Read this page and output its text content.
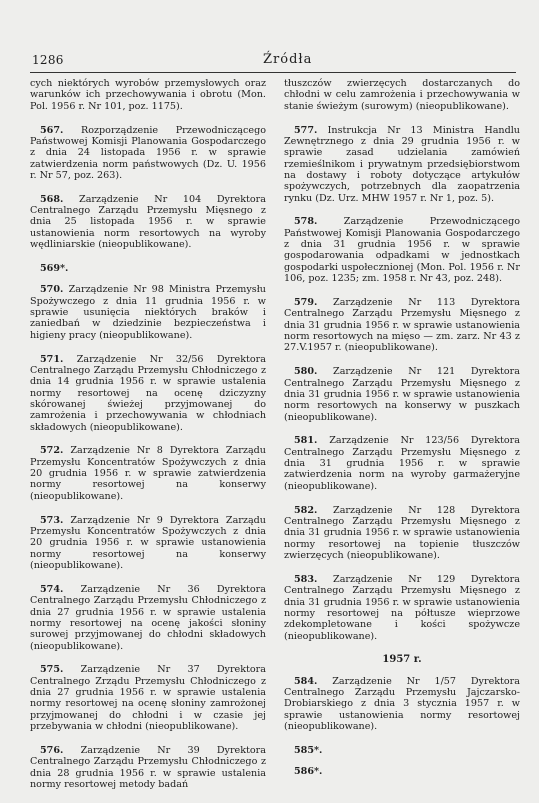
1286	Źródła

cych niektórych wyrobów przemysłowych oraz warunków ich przechowywania i obrotu (Mon. Pol. 1956 r. Nr 101, poz. 1175).

567. Rozporządzenie Przewodniczącego Państwowej Komisji Planowania Gospodarczego z dnia 24 listopada 1956 r. w sprawie zatwierdzenia norm państwowych (Dz. U. 1956 r. Nr 57, poz. 263).

568. Zarządzenie Nr 104 Dyrektora Centralnego Zarządu Przemysłu Mięsnego z dnia 25 listopada 1956 r. w sprawie ustanowienia norm resortowych na wyroby wędliniarskie (nieopublikowane).

569*.

570. Zarządzenie Nr 98 Ministra Przemysłu Spożywczego z dnia 11 grudnia 1956 r. w sprawie usunięcia niektórych braków i zaniedbań w dziedzinie bezpieczeństwa i higieny pracy (nieopublikowane).

571. Zarządzenie Nr 32/56 Dyrektora Centralnego Zarządu Przemysłu Chłodniczego z dnia 14 grudnia 1956 r. w sprawie ustalenia normy resortowej na ocenę dziczyzny skórowanej świeżej przyjmowanej do zamrożenia i przechowywania w chłodniach składowych (nieopublikowane).

572. Zarządzenie Nr 8 Dyrektora Zarządu Przemysłu Koncentratów Spożywczych z dnia 20 grudnia 1956 r. w sprawie zatwierdzenia normy resortowej na konserwy (nieopublikowane).

573. Zarządzenie Nr 9 Dyrektora Zarządu Przemysłu Koncentratów Spożywczych z dnia 20 grudnia 1956 r. w sprawie ustanowienia normy resortowej na konserwy (nieopublikowane).

574. Zarządzenie Nr 36 Dyrektora Centralnego Zarządu Przemysłu Chłodniczego z dnia 27 grudnia 1956 r. w sprawie ustalenia normy resortowej na ocenę jakości słoniny surowej przyjmowanej do chłodni składowych (nieopublikowane).

575. Zarządzenie Nr 37 Dyrektora Centralnego Zrządu Przemysłu Chłodniczego z dnia 27 grudnia 1956 r. w sprawie ustalenia normy resortowej na ocenę słoniny zamrożonej przyjmowanej do chłodni i w czasie jej przebywania w chłodni (nieopublikowane).

576. Zarządzenie Nr 39 Dyrektora Centralnego Zarządu Przemysłu Chłodniczego z dnia 28 grudnia 1956 r. w sprawie ustalenia normy resortowej metody badań

tłuszczów zwierzęcych dostarczanych do chłodni w celu zamrożenia i przechowywania w stanie świeżym (surowym) (nieopublikowane).

577. Instrukcja Nr 13 Ministra Handlu Zewnętrznego z dnia 29 grudnia 1956 r. w sprawie zasad udzielania zamówień rzemieślnikom i prywatnym przedsiębiorstwom na dostawy i roboty dotyczące artykułów spożywczych, potrzebnych dla zaopatrzenia rynku (Dz. Urz. MHW 1957 r. Nr 1, poz. 5).

578.	Zarządzenie Przewodniczącego Państwowej Komisji Planowania Gospodarczego z dnia 31 grudnia 1956 r. w sprawie gospodarowania odpadkami w jednostkach gospodarki uspołecznionej (Mon. Pol. 1956 r. Nr 106, poz. 1235; zm. 1958 r. Nr 43, poz. 248).

579. Zarządzenie Nr 113 Dyrektora Centralnego Zarządu Przemysłu Mięsnego z dnia 31 grudnia 1956 r. w sprawie ustanowienia norm resortowych na mięso — zm. zarz. Nr 43 z 27.V.1957 r. (nieopublikowane).

580. Zarządzenie Nr 121 Dyrektora Centralnego Zarządu Przemysłu Mięsnego z dnia 31 grudnia 1956 r. w sprawie ustanowienia norm resortowych na konserwy w puszkach (nieopublikowane).

581. Zarządzenie Nr 123/56 Dyrektora Centralnego Zarządu Przemysłu Mięsnego z dnia 31 grudnia 1956 r. w sprawie zatwierdzenia norm na wyroby garmażeryjne (nieopublikowane).

582. Zarządzenie Nr 128 Dyrektora Centralnego Zarządu Przemysłu Mięsnego z dnia 31 grudnia 1956 r. w sprawie ustanowienia normy resortowej na topienie tłuszczów zwierzęcych (nieopublikowane).

583. Zarządzenie Nr 129 Dyrektora Centralnego Zarządu Przemysłu Mięsnego z dnia 31 grudnia 1956 r. w sprawie ustanowienia normy resortowej na półtusze wieprzowe zdekompletowane i kości spożywcze (nieopublikowane).

1957 r.

584. Zarządzenie Nr 1/57 Dyrektora Centralnego Zarządu Przemysłu Jajczarsko-Drobiarskiego z dnia 3 stycznia 1957 r. w sprawie ustanowienia normy resortowej (nieopublikowane).

585*.

586*.
